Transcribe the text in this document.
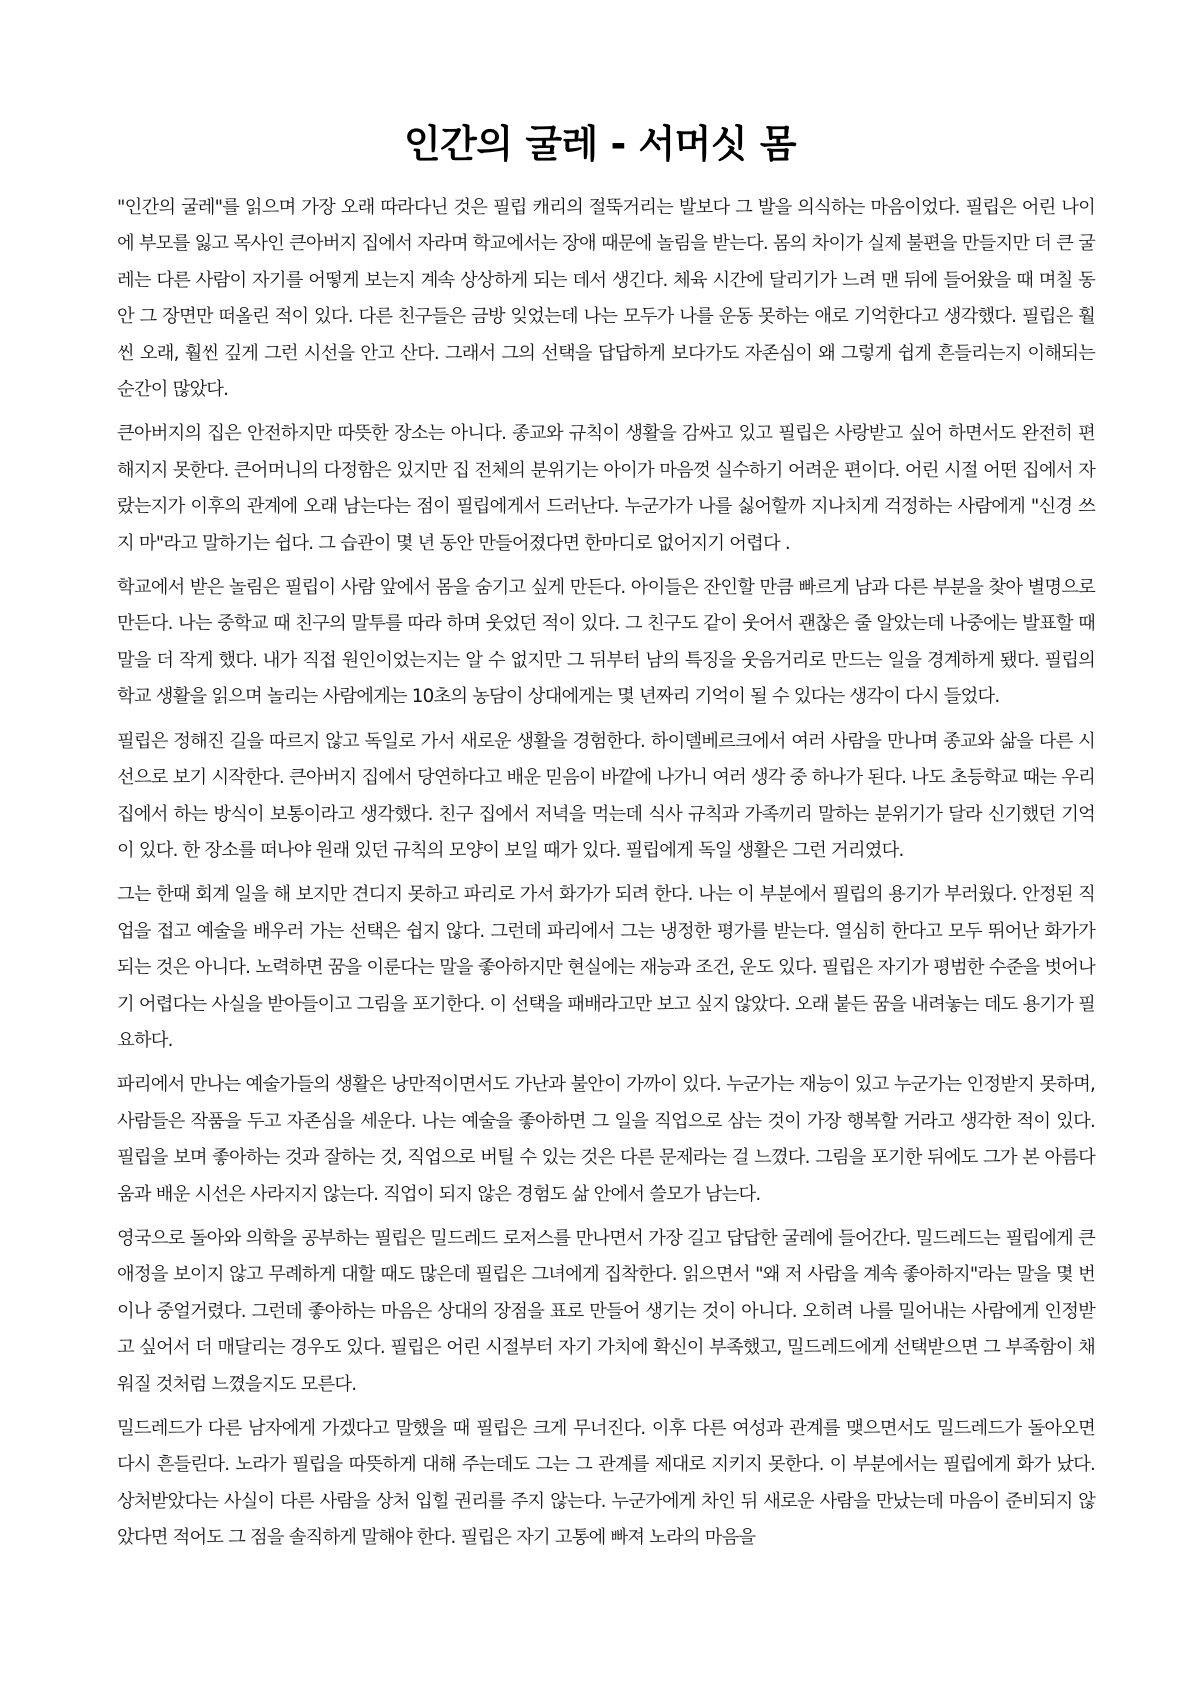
인간의 굴레 - 서머싯 몸

"인간의 굴레"를 읽으며 가장 오래 따라다닌 것은 필립 캐리의 절뚝거리는 발보다 그 발을 의식하는 마음이었다. 필립은 어린 나이에 부모를 잃고 목사인 큰아버지 집에서 자라며 학교에서는 장애 때문에 놀림을 받는다. 몸의 차이가 실제 불편을 만들지만 더 큰 굴레는 다른 사람이 자기를 어떻게 보는지 계속 상상하게 되는 데서 생긴다. 체육 시간에 달리기가 느려 맨 뒤에 들어왔을 때 며칠 동안 그 장면만 떠올린 적이 있다. 다른 친구들은 금방 잊었는데 나는 모두가 나를 운동 못하는 애로 기억한다고 생각했다. 필립은 훨씬 오래, 훨씬 깊게 그런 시선을 안고 산다. 그래서 그의 선택을 답답하게 보다가도 자존심이 왜 그렇게 쉽게 흔들리는지 이해되는 순간이 많았다.

큰아버지의 집은 안전하지만 따뜻한 장소는 아니다. 종교와 규칙이 생활을 감싸고 있고 필립은 사랑받고 싶어 하면서도 완전히 편해지지 못한다. 큰어머니의 다정함은 있지만 집 전체의 분위기는 아이가 마음껏 실수하기 어려운 편이다. 어린 시절 어떤 집에서 자랐는지가 이후의 관계에 오래 남는다는 점이 필립에게서 드러난다. 누군가가 나를 싫어할까 지나치게 걱정하는 사람에게 "신경 쓰지 마"라고 말하기는 쉽다. 그 습관이 몇 년 동안 만들어졌다면 한마디로 없어지기 어렵다 .

학교에서 받은 놀림은 필립이 사람 앞에서 몸을 숨기고 싶게 만든다. 아이들은 잔인할 만큼 빠르게 남과 다른 부분을 찾아 별명으로 만든다. 나는 중학교 때 친구의 말투를 따라 하며 웃었던 적이 있다. 그 친구도 같이 웃어서 괜찮은 줄 알았는데 나중에는 발표할 때 말을 더 작게 했다. 내가 직접 원인이었는지는 알 수 없지만 그 뒤부터 남의 특징을 웃음거리로 만드는 일을 경계하게 됐다. 필립의 학교 생활을 읽으며 놀리는 사람에게는 10초의 농담이 상대에게는 몇 년짜리 기억이 될 수 있다는 생각이 다시 들었다.

필립은 정해진 길을 따르지 않고 독일로 가서 새로운 생활을 경험한다. 하이델베르크에서 여러 사람을 만나며 종교와 삶을 다른 시선으로 보기 시작한다. 큰아버지 집에서 당연하다고 배운 믿음이 바깥에 나가니 여러 생각 중 하나가 된다. 나도 초등학교 때는 우리 집에서 하는 방식이 보통이라고 생각했다. 친구 집에서 저녁을 먹는데 식사 규칙과 가족끼리 말하는 분위기가 달라 신기했던 기억이 있다. 한 장소를 떠나야 원래 있던 규칙의 모양이 보일 때가 있다. 필립에게 독일 생활은 그런 거리였다.

그는 한때 회계 일을 해 보지만 견디지 못하고 파리로 가서 화가가 되려 한다. 나는 이 부분에서 필립의 용기가 부러웠다. 안정된 직업을 접고 예술을 배우러 가는 선택은 쉽지 않다. 그런데 파리에서 그는 냉정한 평가를 받는다. 열심히 한다고 모두 뛰어난 화가가 되는 것은 아니다. 노력하면 꿈을 이룬다는 말을 좋아하지만 현실에는 재능과 조건, 운도 있다. 필립은 자기가 평범한 수준을 벗어나기 어렵다는 사실을 받아들이고 그림을 포기한다. 이 선택을 패배라고만 보고 싶지 않았다. 오래 붙든 꿈을 내려놓는 데도 용기가 필요하다.

파리에서 만나는 예술가들의 생활은 낭만적이면서도 가난과 불안이 가까이 있다. 누군가는 재능이 있고 누군가는 인정받지 못하며, 사람들은 작품을 두고 자존심을 세운다. 나는 예술을 좋아하면 그 일을 직업으로 삼는 것이 가장 행복할 거라고 생각한 적이 있다. 필립을 보며 좋아하는 것과 잘하는 것, 직업으로 버틸 수 있는 것은 다른 문제라는 걸 느꼈다. 그림을 포기한 뒤에도 그가 본 아름다움과 배운 시선은 사라지지 않는다. 직업이 되지 않은 경험도 삶 안에서 쓸모가 남는다.

영국으로 돌아와 의학을 공부하는 필립은 밀드레드 로저스를 만나면서 가장 길고 답답한 굴레에 들어간다. 밀드레드는 필립에게 큰 애정을 보이지 않고 무례하게 대할 때도 많은데 필립은 그녀에게 집착한다. 읽으면서 "왜 저 사람을 계속 좋아하지"라는 말을 몇 번이나 중얼거렸다. 그런데 좋아하는 마음은 상대의 장점을 표로 만들어 생기는 것이 아니다. 오히려 나를 밀어내는 사람에게 인정받고 싶어서 더 매달리는 경우도 있다. 필립은 어린 시절부터 자기 가치에 확신이 부족했고, 밀드레드에게 선택받으면 그 부족함이 채워질 것처럼 느꼈을지도 모른다.

밀드레드가 다른 남자에게 가겠다고 말했을 때 필립은 크게 무너진다. 이후 다른 여성과 관계를 맺으면서도 밀드레드가 돌아오면 다시 흔들린다. 노라가 필립을 따뜻하게 대해 주는데도 그는 그 관계를 제대로 지키지 못한다. 이 부분에서는 필립에게 화가 났다. 상처받았다는 사실이 다른 사람을 상처 입힐 권리를 주지 않는다. 누군가에게 차인 뒤 새로운 사람을 만났는데 마음이 준비되지 않았다면 적어도 그 점을 솔직하게 말해야 한다. 필립은 자기 고통에 빠져 노라의 마음을
